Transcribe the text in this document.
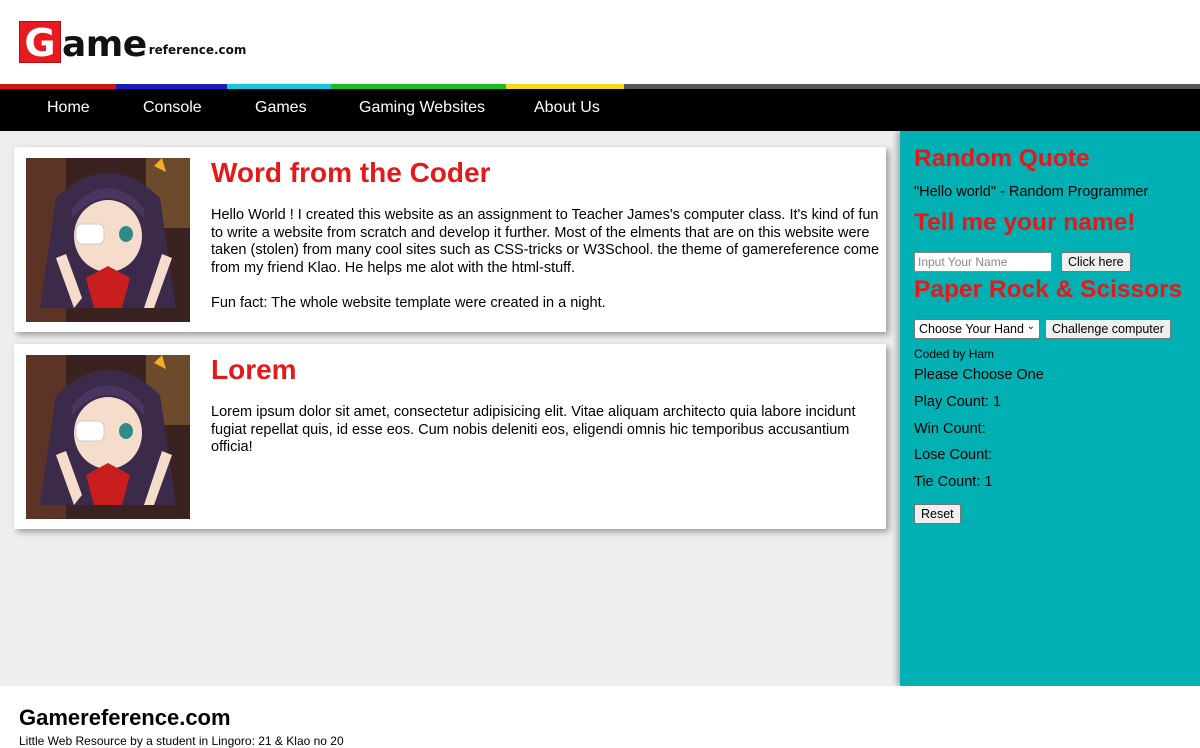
G ame reference.com
Home	Console	Games	Gaming Websites	About Us
Word from the Coder

Hello World ! I created this website as an assignment to Teacher James's computer class. It's kind of fun to write a website from scratch and develop it further. Most of the elments that are on this website were taken (stolen) from many cool sites such as CSS-tricks or W3School. the theme of gamereference come from my friend Klao. He helps me alot with the html-stuff.

Fun fact: The whole website template were created in a night.

Lorem

Lorem ipsum dolor sit amet, consectetur adipisicing elit. Vitae aliquam architecto quia labore incidunt fugiat repellat quis, id esse eos. Cum nobis deleniti eos, eligendi omnis hic temporibus accusantium officia!

Random Quote
"Hello world" - Random Programmer
Tell me your name!
Input Your Name
Click here
Paper Rock & Scissors
Choose Your Hand ⌄	Challenge computer
Coded by Ham
Please Choose One
Play Count: 1
Win Count:
Lose Count:
Tie Count: 1
Reset
Gamereference.com
Little Web Resource by a student in Lingoro: 21 & Klao no 20
